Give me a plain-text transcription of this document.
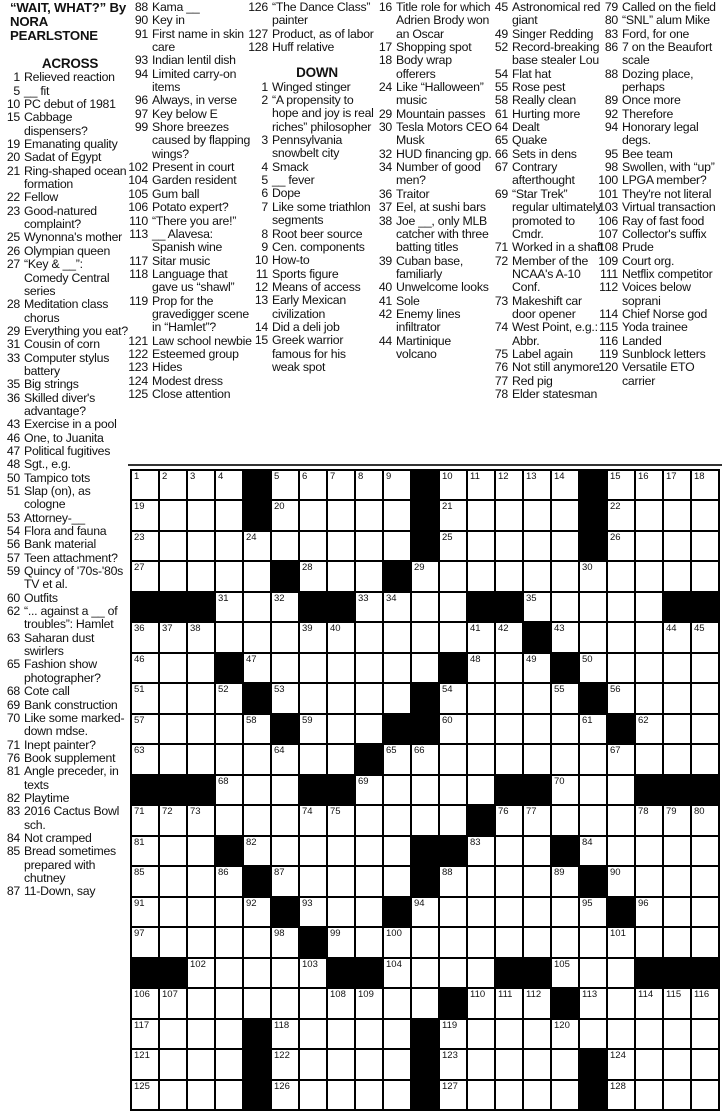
“WAIT, WHAT?” By NORA PEARLSTONE
ACROSS
1 Relieved reaction
5 __ fit
10 PC debut of 1981
15 Cabbage dispensers?
19 Emanating quality
20 Sadat of Egypt
21 Ring-shaped ocean formation
22 Fellow
23 Good-natured complaint?
25 Wynonna's mother
26 Olympian queen
27 “Key & __”: Comedy Central series
28 Meditation class chorus
29 Everything you eat?
31 Cousin of corn
33 Computer stylus battery
35 Big strings
36 Skilled diver's advantage?
43 Exercise in a pool
46 One, to Juanita
47 Political fugitives
48 Sgt., e.g.
50 Tampico tots
51 Slap (on), as cologne
53 Attorney-__
54 Flora and fauna
56 Bank material
57 Teen attachment?
59 Quincy of '70s-'80s TV et al.
60 Outfits
62 “... against a __ of troubles”: Hamlet
63 Saharan dust swirlers
65 Fashion show photographer?
68 Cote call
69 Bank construction
70 Like some marked-down mdse.
71 Inept painter?
76 Book supplement
81 Angle preceder, in texts
82 Playtime
83 2016 Cactus Bowl sch.
84 Not cramped
85 Bread sometimes prepared with chutney
87 11-Down, say
88 Kama __
90 Key in
91 First name in skin care
93 Indian lentil dish
94 Limited carry-on items
96 Always, in verse
97 Key below E
99 Shore breezes caused by flapping wings?
102 Present in court
104 Garden resident
105 Gum ball
106 Potato expert?
110 “There you are!”
113 __ Alavesa: Spanish wine
117 Sitar music
118 Language that gave us “shawl”
119 Prop for the gravedigger scene in “Hamlet”?
121 Law school newbie
122 Esteemed group
123 Hides
124 Modest dress
125 Close attention
126 “The Dance Class” painter
127 Product, as of labor
128 Huff relative
DOWN
1 Winged stinger
2 “A propensity to hope and joy is real riches” philosopher
3 Pennsylvania snowbelt city
4 Smack
5 __ fever
6 Dope
7 Like some triathlon segments
8 Root beer source
9 Cen. components
10 How-to
11 Sports figure
12 Means of access
13 Early Mexican civilization
14 Did a deli job
15 Greek warrior famous for his weak spot
16 Title role for which Adrien Brody won an Oscar
17 Shopping spot
18 Body wrap offerers
24 Like “Halloween” music
29 Mountain passes
30 Tesla Motors CEO Musk
32 HUD financing gp.
34 Number of good men?
36 Traitor
37 Eel, at sushi bars
38 Joe __, only MLB catcher with three batting titles
39 Cuban base, familiarly
40 Unwelcome looks
41 Sole
42 Enemy lines infiltrator
44 Martinique volcano
45 Astronomical red giant
49 Singer Redding
52 Record-breaking base stealer Lou
54 Flat hat
55 Rose pest
58 Really clean
61 Hurting more
64 Dealt
65 Quake
66 Sets in dens
67 Contrary afterthought
69 “Star Trek” regular ultimately promoted to Cmdr.
71 Worked in a shaft
72 Member of the NCAA's A-10 Conf.
73 Makeshift car door opener
74 West Point, e.g.: Abbr.
75 Label again
76 Not still anymore
77 Red pig
78 Elder statesman
79 Called on the field
80 “SNL” alum Mike
83 Ford, for one
86 7 on the Beaufort scale
88 Dozing place, perhaps
89 Once more
92 Therefore
94 Honorary legal degs.
95 Bee team
98 Swollen, with “up”
100 LPGA member?
101 They're not literal
103 Virtual transaction
106 Ray of fast food
107 Collector's suffix
108 Prude
109 Court org.
111 Netflix competitor
112 Voices below soprani
114 Chief Norse god
115 Yoda trainee
116 Landed
119 Sunblock letters
120 Versatile ETO carrier
1 2 3 4	5 6 7 8 9	10 11 12 13 14	15 16 17 18
19	20	21	22
23	24	25	26
27	28	29	30
31	32	33 34	35
36 37 38	39 40	41 42	43	44 45
46	47	48	49	50
51	52	53	54	55	56
57	58	59	60	61	62
63	64	65 66	67
68	69	70
71 72 73	74 75	76 77	78 79 80
81	82	83	84
85	86	87	88	89	90
91	92	93	94	95	96
97	98	99	100	101
102	103	104	105
106 107	108 109	110 111 112	113	114 115 116
117	118	119	120
121	122	123	124
125	126	127	128
